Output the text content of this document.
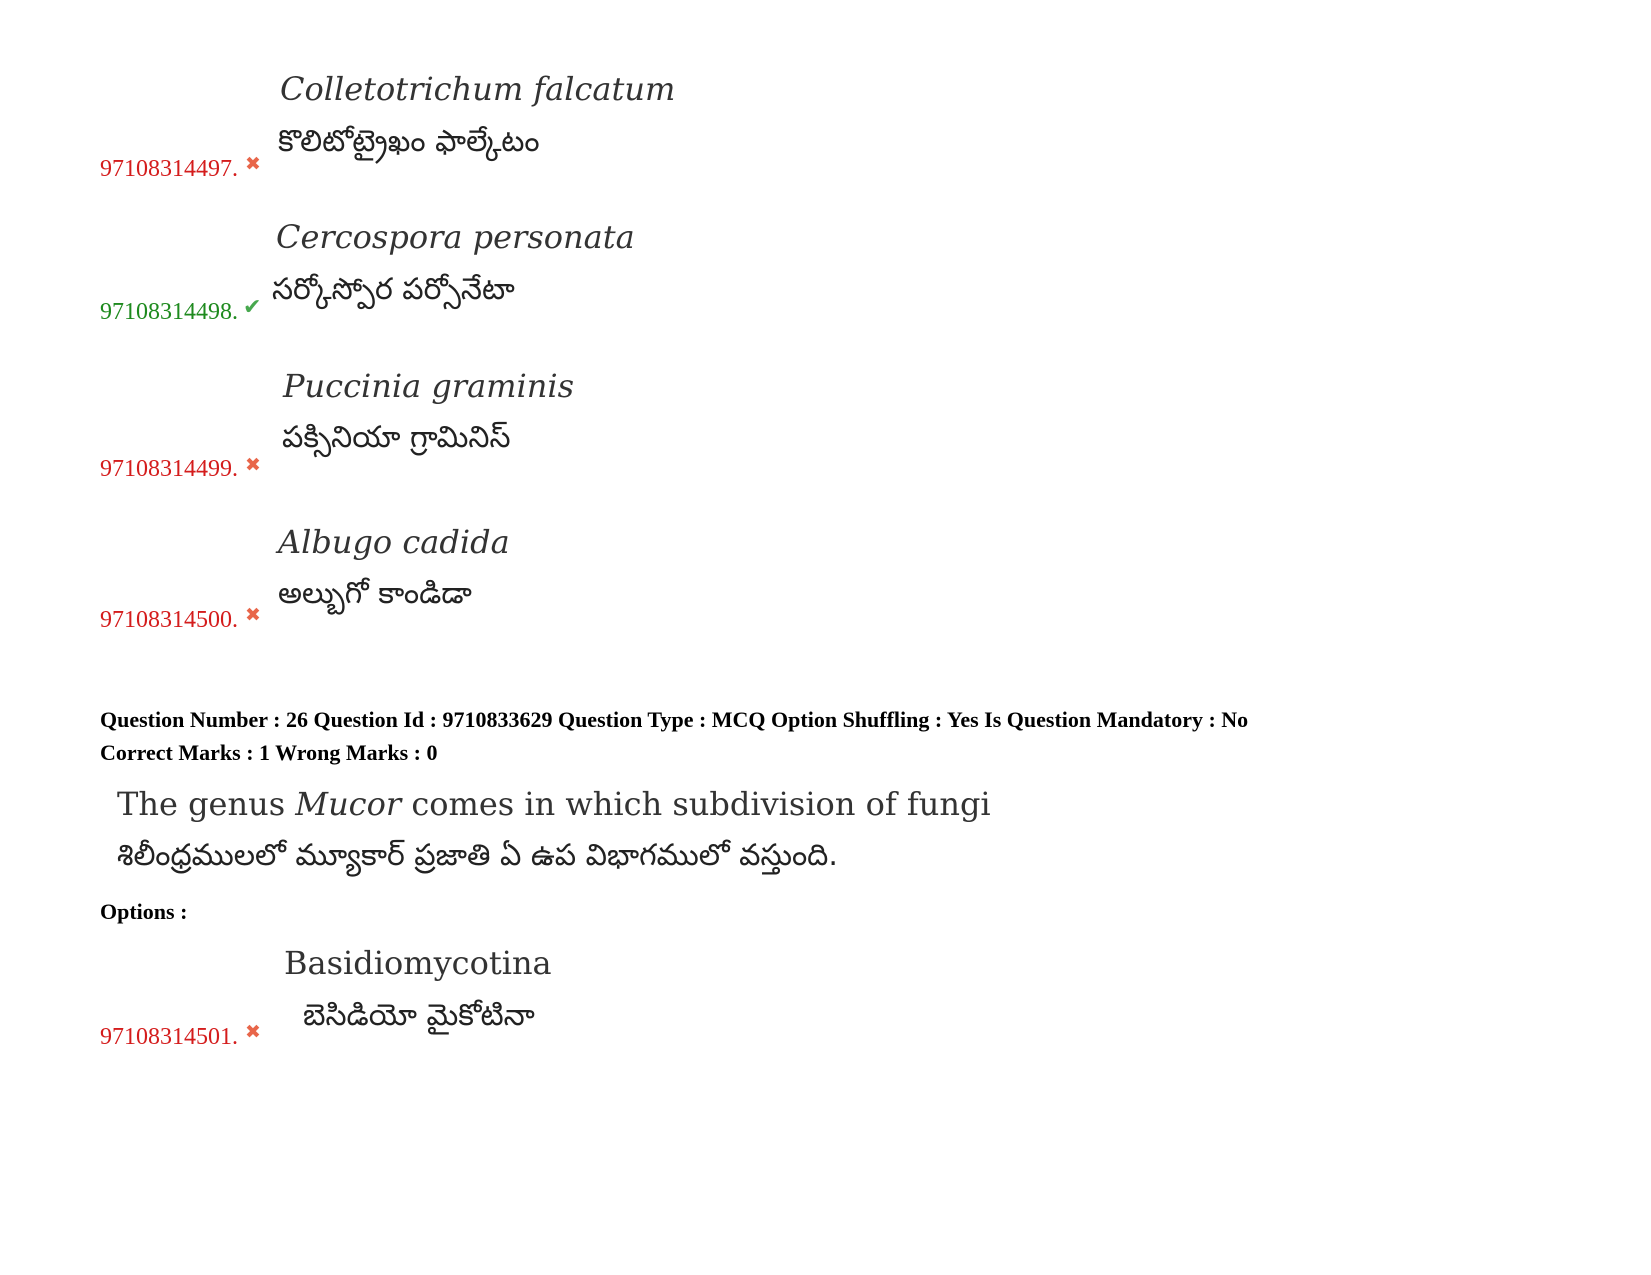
Colletotrichum falcatum
కొలిటోట్రైఖం ఫాల్కేటం
97108314497. ✖
Cercospora personata
సర్కోస్పోర పర్సోనేటా
97108314498. ✔
Puccinia graminis
పక్సినియా గ్రామినిస్
97108314499. ✖
Albugo cadida
అల్బుగో కాండిడా
97108314500. ✖
Question Number : 26 Question Id : 9710833629 Question Type : MCQ Option Shuffling : Yes Is Question Mandatory : No
Correct Marks : 1 Wrong Marks : 0
The genus Mucor comes in which subdivision of fungi
శిలీంధ్రములలో మ్యూకార్ ప్రజాతి ఏ ఉప విభాగములో వస్తుంది.
Options :
Basidiomycotina
బెసిడియో మైకోటినా
97108314501. ✖
